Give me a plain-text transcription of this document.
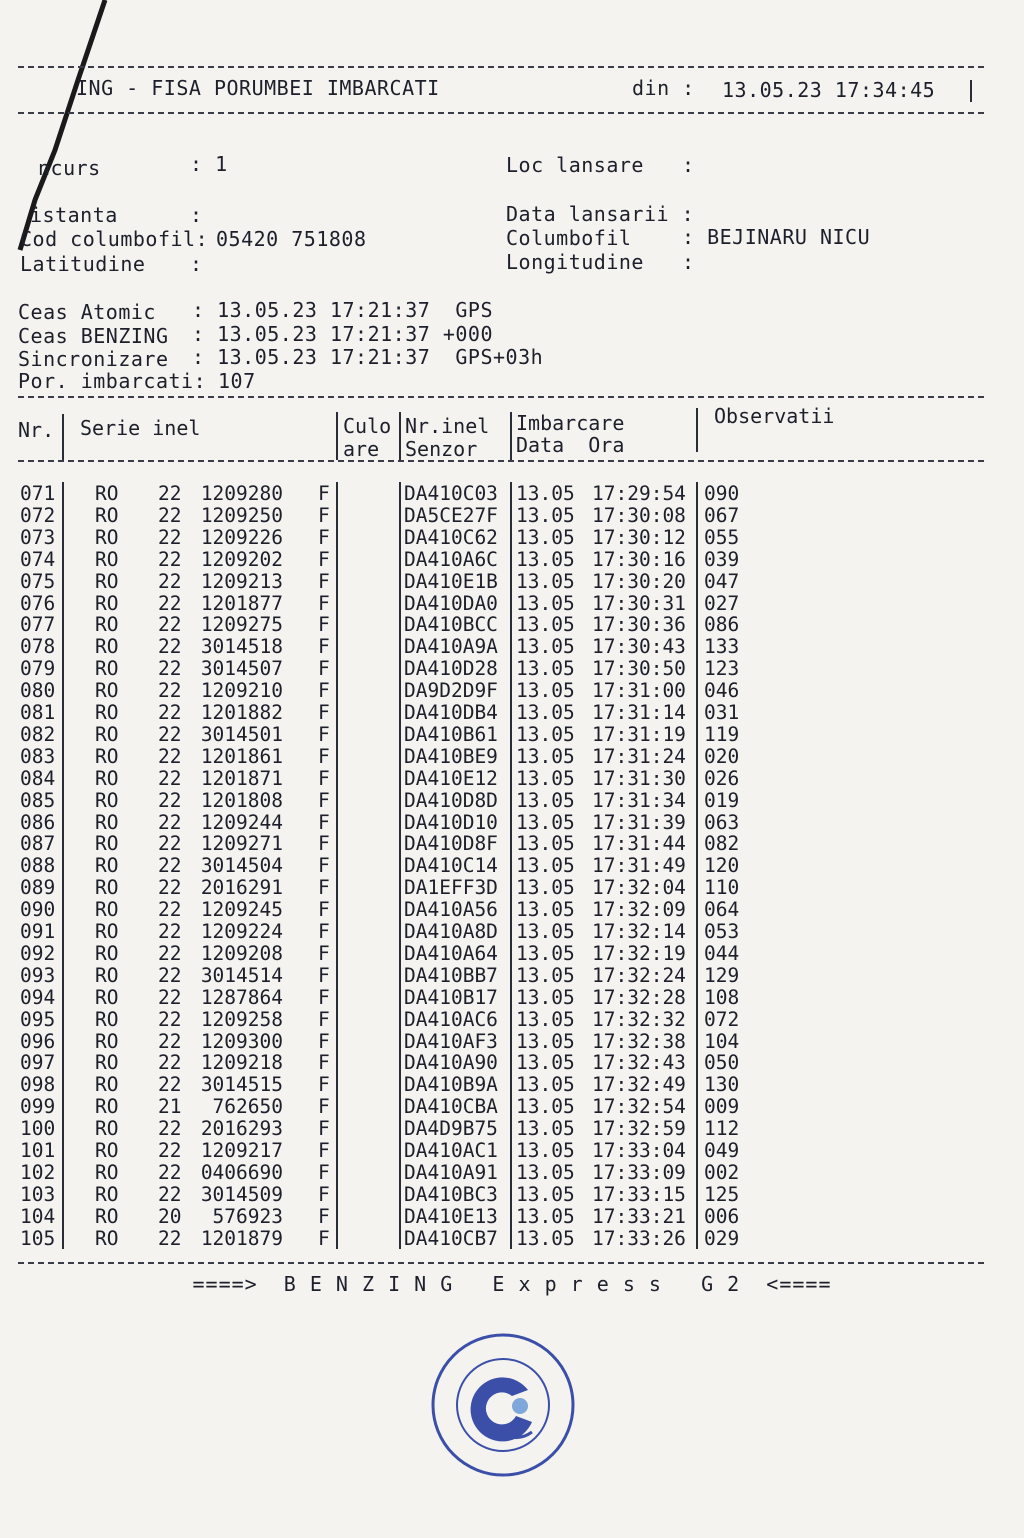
ING - FISA PORUMBEI IMBARCATI	din : 13.05.23 17:34:45
ncurs	: 1	Loc lansare :
istanta	:	Data lansarii :
Cod columbofil: 05420 751808	Columbofil	: BEJINARU NICU
Latitudine :	Longitudine :
Ceas Atomic : 13.05.23 17:21:37  GPS
Ceas BENZING : 13.05.23 17:21:37 +000
Sincronizare : 13.05.23 17:21:37  GPS+03h
Por. imbarcati: 107
Nr. Serie inel	Culo
are
Nr.inel
Senzor
Imbarcare
Data  Ora
Observatii
071 RO 22 1209280 F	DA410C03 13.05 17:29:54 090
072 RO 22 1209250 F	DA5CE27F 13.05 17:30:08 067
073 RO 22 1209226 F	DA410C62 13.05 17:30:12 055
074 RO 22 1209202 F	DA410A6C 13.05 17:30:16 039
075 RO 22 1209213 F	DA410E1B 13.05 17:30:20 047
076 RO 22 1201877 F	DA410DA0 13.05 17:30:31 027
077 RO 22 1209275 F	DA410BCC 13.05 17:30:36 086
078 RO 22 3014518 F	DA410A9A 13.05 17:30:43 133
079 RO 22 3014507 F	DA410D28 13.05 17:30:50 123
080 RO 22 1209210 F	DA9D2D9F 13.05 17:31:00 046
081 RO 22 1201882 F	DA410DB4 13.05 17:31:14 031
082 RO 22 3014501 F	DA410B61 13.05 17:31:19 119
083 RO 22 1201861 F	DA410BE9 13.05 17:31:24 020
084 RO 22 1201871 F	DA410E12 13.05 17:31:30 026
085 RO 22 1201808 F	DA410D8D 13.05 17:31:34 019
086 RO 22 1209244 F	DA410D10 13.05 17:31:39 063
087 RO 22 1209271 F	DA410D8F 13.05 17:31:44 082
088 RO 22 3014504 F	DA410C14 13.05 17:31:49 120
089 RO 22 2016291 F	DA1EFF3D 13.05 17:32:04 110
090 RO 22 1209245 F	DA410A56 13.05 17:32:09 064
091 RO 22 1209224 F	DA410A8D 13.05 17:32:14 053
092 RO 22 1209208 F	DA410A64 13.05 17:32:19 044
093 RO 22 3014514 F	DA410BB7 13.05 17:32:24 129
094 RO 22 1287864 F	DA410B17 13.05 17:32:28 108
095 RO 22 1209258 F	DA410AC6 13.05 17:32:32 072
096 RO 22 1209300 F	DA410AF3 13.05 17:32:38 104
097 RO 22 1209218 F	DA410A90 13.05 17:32:43 050
098 RO 22 3014515 F	DA410B9A 13.05 17:32:49 130
099 RO 21	762650 F	DA410CBA 13.05 17:32:54 009
100 RO 22 2016293 F	DA4D9B75 13.05 17:32:59 112
101 RO 22 1209217 F	DA410AC1 13.05 17:33:04 049
102 RO 22 0406690 F	DA410A91 13.05 17:33:09 002
103 RO 22 3014509 F	DA410BC3 13.05 17:33:15 125
104 RO 20	576923 F	DA410E13 13.05 17:33:21 006
105 RO 22 1201879 F	DA410CB7 13.05 17:33:26 029
====>  B E N Z I N G   E x p r e s s   G 2  <====
